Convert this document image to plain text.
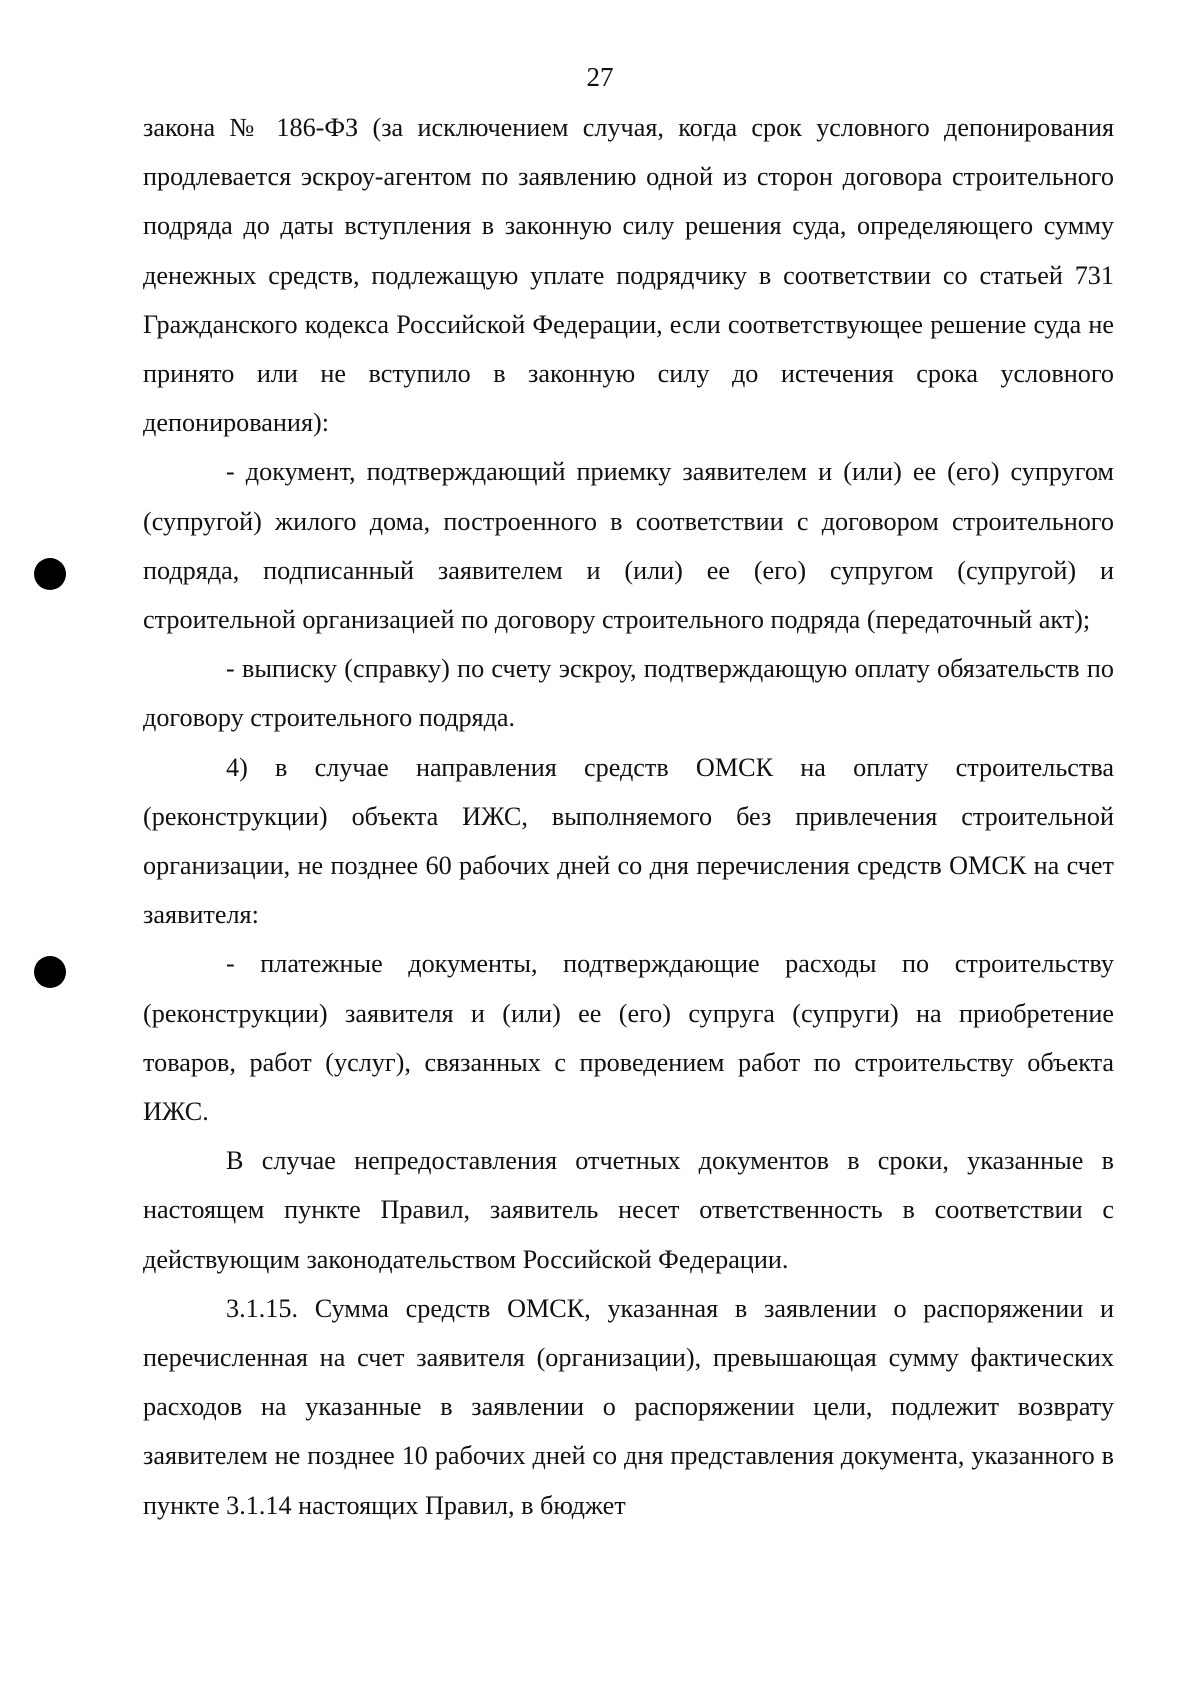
27

закона № 186-ФЗ (за исключением случая, когда срок условного депонирования продлевается эскроу-агентом по заявлению одной из сторон договора строительного подряда до даты вступления в законную силу решения суда, определяющего сумму денежных средств, подлежащую уплате подрядчику в соответствии со статьей 731 Гражданского кодекса Российской Федерации, если соответствующее решение суда не принято или не вступило в законную силу до истечения срока условного депонирования):

- документ, подтверждающий приемку заявителем и (или) ее (его) супругом (супругой) жилого дома, построенного в соответствии с договором строительного подряда, подписанный заявителем и (или) ее (его) супругом (супругой) и строительной организацией по договору строительного подряда (передаточный акт);

- выписку (справку) по счету эскроу, подтверждающую оплату обязательств по договору строительного подряда.

4) в случае направления средств ОМСК на оплату строительства (реконструкции) объекта ИЖС, выполняемого без привлечения строительной организации, не позднее 60 рабочих дней со дня перечисления средств ОМСК на счет заявителя:

- платежные документы, подтверждающие расходы по строительству (реконструкции) заявителя и (или) ее (его) супруга (супруги) на приобретение товаров, работ (услуг), связанных с проведением работ по строительству объекта ИЖС.

В случае непредоставления отчетных документов в сроки, указанные в настоящем пункте Правил, заявитель несет ответственность в соответствии с действующим законодательством Российской Федерации.

3.1.15. Сумма средств ОМСК, указанная в заявлении о распоряжении и перечисленная на счет заявителя (организации), превышающая сумму фактических расходов на указанные в заявлении о распоряжении цели, подлежит возврату заявителем не позднее 10 рабочих дней со дня представления документа, указанного в пункте 3.1.14 настоящих Правил, в бюджет
